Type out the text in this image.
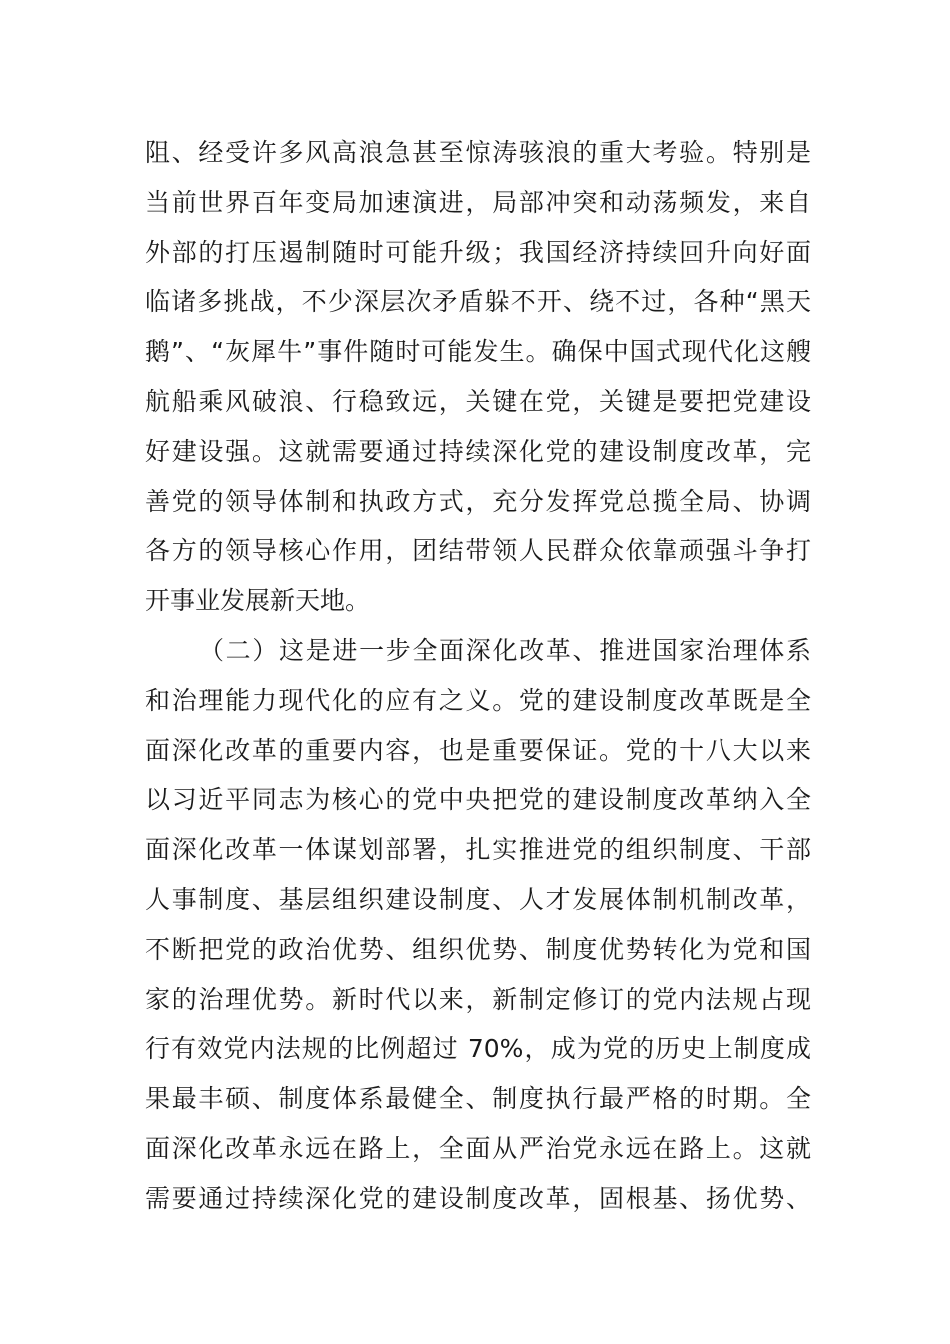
阻、经受许多风高浪急甚至惊涛骇浪的重大考验。特别是
当前世界百年变局加速演进，局部冲突和动荡频发，来自
外部的打压遏制随时可能升级；我国经济持续回升向好面
临诸多挑战，不少深层次矛盾躲不开、绕不过，各种“黑天
鹅”、“灰犀牛”事件随时可能发生。确保中国式现代化这艘
航船乘风破浪、行稳致远，关键在党，关键是要把党建设
好建设强。这就需要通过持续深化党的建设制度改革，完
善党的领导体制和执政方式，充分发挥党总揽全局、协调
各方的领导核心作用，团结带领人民群众依靠顽强斗争打
开事业发展新天地。
（二）这是进一步全面深化改革、推进国家治理体系
和治理能力现代化的应有之义。党的建设制度改革既是全
面深化改革的重要内容，也是重要保证。党的十八大以来
以习近平同志为核心的党中央把党的建设制度改革纳入全
面深化改革一体谋划部署，扎实推进党的组织制度、干部
人事制度、基层组织建设制度、人才发展体制机制改革，
不断把党的政治优势、组织优势、制度优势转化为党和国
家的治理优势。新时代以来，新制定修订的党内法规占现
行有效党内法规的比例超过 70%，成为党的历史上制度成
果最丰硕、制度体系最健全、制度执行最严格的时期。全
面深化改革永远在路上，全面从严治党永远在路上。这就
需要通过持续深化党的建设制度改革，固根基、扬优势、
